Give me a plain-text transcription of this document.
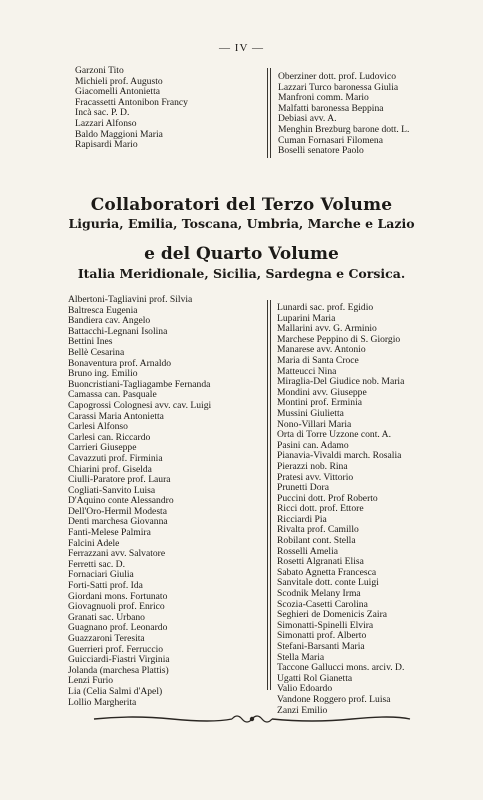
— IV —
Garzoni Tito
Michieli prof. Augusto
Giacomelli Antonietta
Fracassetti Antonibon Francy
Incà sac. P. D.
Lazzari Alfonso
Baldo Maggioni Maria
Rapisardi Mario
Oberziner dott. prof. Ludovico
Lazzari Turco baronessa Giulia
Manfroni comm. Mario
Malfatti baronessa Beppina
Debiasi avv. A.
Menghin Brezburg barone dott. L.
Cuman Fornasari Filomena
Boselli senatore Paolo
Collaboratori del Terzo Volume
Liguria, Emilia, Toscana, Umbria, Marche e Lazio
e del Quarto Volume
Italia Meridionale, Sicilia, Sardegna e Corsica.
Albertoni-Tagliavini prof. Silvia
Baltresca Eugenia
Bandiera cav. Angelo
Battacchi-Legnani Isolina
Bettini Ines
Bellè Cesarina
Bonaventura prof. Arnaldo
Bruno ing. Emilio
Buoncristiani-Tagliagambe Fernanda
Camassa can. Pasquale
Capogrossi Colognesi avv. cav. Luigi
Carassi Maria Antonietta
Carlesi Alfonso
Carlesi can. Riccardo
Carrieri Giuseppe
Cavazzuti prof. Firminia
Chiarini prof. Giselda
Ciulli-Paratore prof. Laura
Cogliati-Sanvito Luisa
D'Aquino conte Alessandro
Dell'Oro-Hermil Modesta
Denti marchesa Giovanna
Fanti-Melese Palmira
Falcini Adele
Ferrazzani avv. Salvatore
Ferretti sac. D.
Fornaciari Giulia
Forti-Satti prof. Ida
Giordani mons. Fortunato
Giovagnuoli prof. Enrico
Granati sac. Urbano
Guagnano prof. Leonardo
Guazzaroni Teresita
Guerrieri prof. Ferruccio
Guicciardi-Fiastri Virginia
Jolanda (marchesa Plattis)
Lenzi Furio
Lia (Celia Salmi d'Apel)
Lollio Margherita
Lunardi sac. prof. Egidio
Luparini Maria
Mallarini avv. G. Arminio
Marchese Peppino di S. Giorgio
Manarese avv. Antonio
Maria di Santa Croce
Matteucci Nina
Miraglia-Del Giudice nob. Maria
Mondini avv. Giuseppe
Montini prof. Erminia
Mussini Giulietta
Nono-Villari Maria
Orta di Torre Uzzone cont. A.
Pasini can. Adamo
Pianavia-Vivaldi march. Rosalia
Pierazzi nob. Rina
Pratesi avv. Vittorio
Prunetti Dora
Puccini dott. Prof Roberto
Ricci dott. prof. Ettore
Ricciardi Pia
Rivalta prof. Camillo
Robilant cont. Stella
Rosselli Amelia
Rosetti Algranati Elisa
Sabato Agnetta Francesca
Sanvitale dott. conte Luigi
Scodnik Melany Irma
Scozia-Casetti Carolina
Seghieri de Domenicis Zaira
Simonatti-Spinelli Elvira
Simonatti prof. Alberto
Stefani-Barsanti Maria
Stella Maria
Taccone Gallucci mons. arciv. D.
Ugatti Rol Gianetta
Valio Edoardo
Vandone Roggero prof. Luisa
Zanzi Emilio
